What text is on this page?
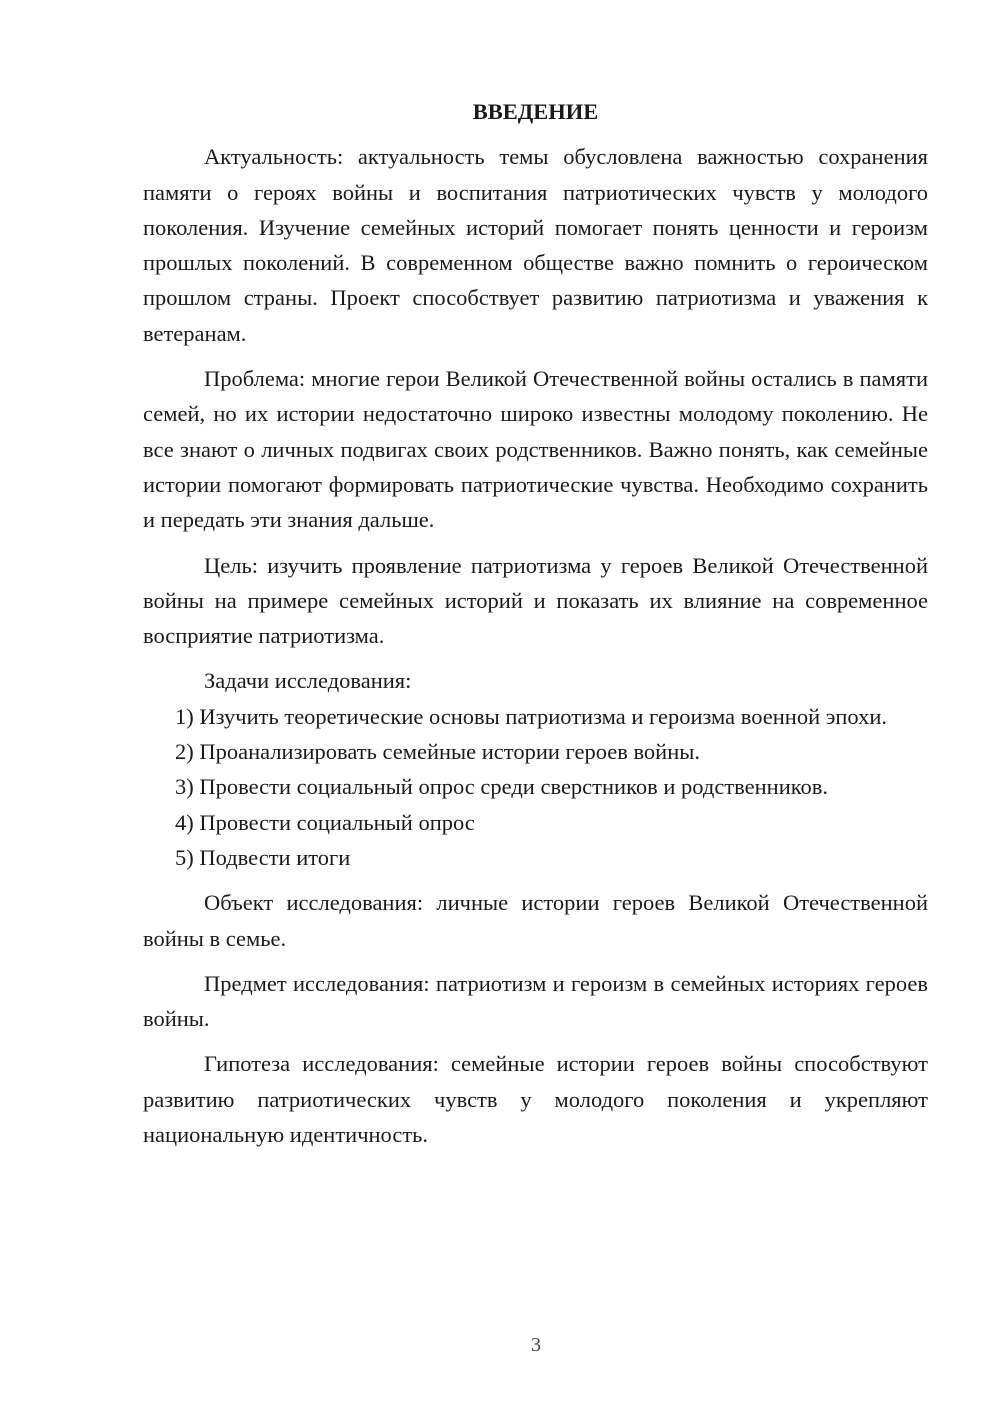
ВВЕДЕНИЕ

Актуальность: актуальность темы обусловлена важностью сохранения памяти о героях войны и воспитания патриотических чувств у молодого поколения. Изучение семейных историй помогает понять ценности и героизм прошлых поколений. В современном обществе важно помнить о героическом прошлом страны. Проект способствует развитию патриотизма и уважения к ветеранам.

Проблема: многие герои Великой Отечественной войны остались в памяти семей, но их истории недостаточно широко известны молодому поколению. Не все знают о личных подвигах своих родственников. Важно понять, как семейные истории помогают формировать патриотические чувства. Необходимо сохранить и передать эти знания дальше.

Цель: изучить проявление патриотизма у героев Великой Отечественной войны на примере семейных историй и показать их влияние на современное восприятие патриотизма.

Задачи исследования:

1) Изучить теоретические основы патриотизма и героизма военной эпохи.

2) Проанализировать семейные истории героев войны.

3) Провести социальный опрос среди сверстников и родственников.

4) Провести социальный опрос

5) Подвести итоги

Объект исследования: личные истории героев Великой Отечественной войны в семье.

Предмет исследования: патриотизм и героизм в семейных историях героев войны.

Гипотеза исследования: семейные истории героев войны способствуют развитию патриотических чувств у молодого поколения и укрепляют национальную идентичность.

3
